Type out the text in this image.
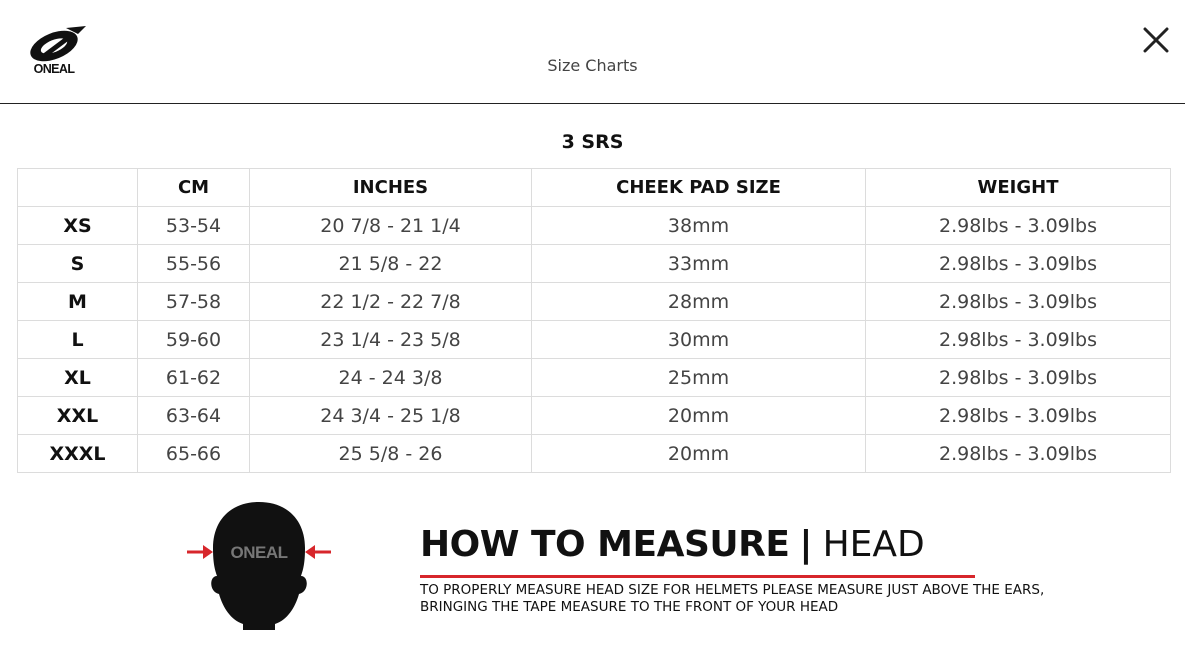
ONEAL	Size Charts
3 SRS
	CM	INCHES	CHEEK PAD SIZE	WEIGHT
XS	53-54	20 7/8 - 21 1/4	38mm	2.98lbs - 3.09lbs
S	55-56	21 5/8 - 22	33mm	2.98lbs - 3.09lbs
M	57-58	22 1/2 - 22 7/8	28mm	2.98lbs - 3.09lbs
L	59-60	23 1/4 - 23 5/8	30mm	2.98lbs - 3.09lbs
XL	61-62	24 - 24 3/8	25mm	2.98lbs - 3.09lbs
XXL	63-64	24 3/4 - 25 1/8	20mm	2.98lbs - 3.09lbs
XXXL	65-66	25 5/8 - 26	20mm	2.98lbs - 3.09lbs
ONEAL	HOW TO MEASURE | HEAD
TO PROPERLY MEASURE HEAD SIZE FOR HELMETS PLEASE MEASURE JUST ABOVE THE EARS,
BRINGING THE TAPE MEASURE TO THE FRONT OF YOUR HEAD
